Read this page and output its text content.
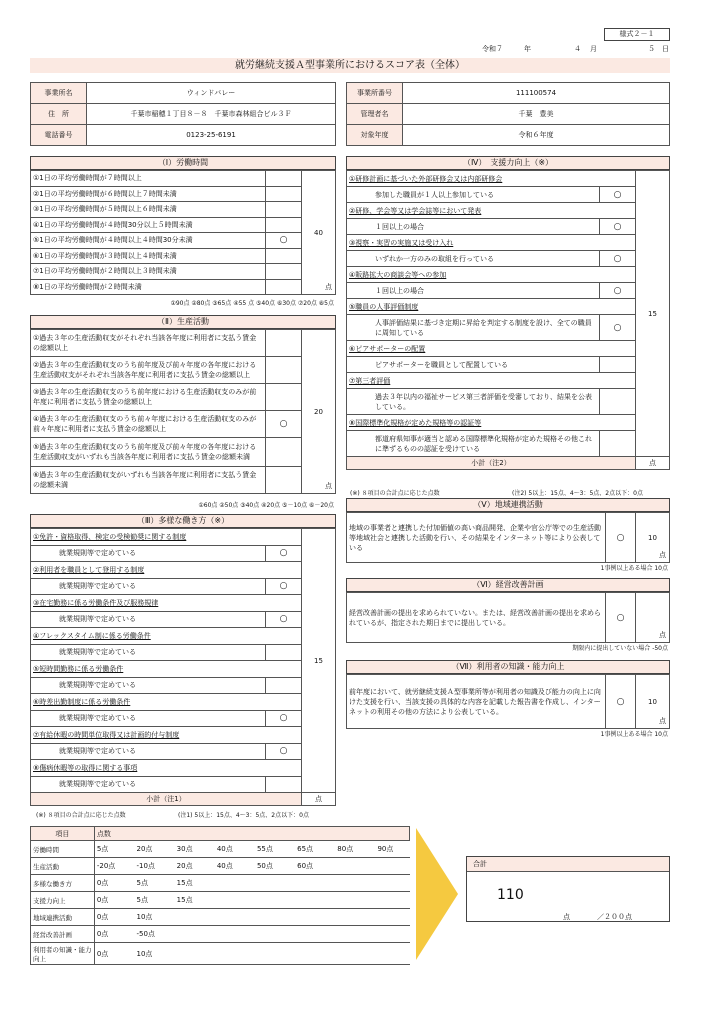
様式２－１
令和７	年	４ 月	５ 日
就労継続支援Ａ型事業所におけるスコア表（全体）
事業所名	ウィンドバレー
住　所	千葉市稲穂１丁目８－８　千葉市森林組合ビル３Ｆ
電話番号	0123-25-6191
事業所番号	111100574
管理者名	千葉　豊美
対象年度	令和６年度
（Ⅰ）労働時間
①1日の平均労働時間が７時間以上		40
点

②1日の平均労働時間が６時間以上７時間未満		
③1日の平均労働時間が５時間以上６時間未満		
④1日の平均労働時間が４時間30分以上５時間未満		
⑤1日の平均労働時間が４時間以上４時間30分未満	○	
⑥1日の平均労働時間が３時間以上４時間未満		
⑦1日の平均労働時間が２時間以上３時間未満		
⑧1日の平均労働時間が２時間未満		
①90点 ②80点 ③65点 ④55 点 ⑤40点 ⑥30点 ⑦20点 ⑧5点
（Ⅱ）生産活動
①過去３年の生産活動収支がそれぞれ当該各年度に利用者に支払う賃金の総額以上		20
点

②過去３年の生産活動収支のうち前年度及び前々年度の各年度における生産活動収支がそれぞれ当該各年度に利用者に支払う賃金の総額以上		
③過去３年の生産活動収支のうち前年度における生産活動収支のみが前年度に利用者に支払う賃金の総額以上		
④過去３年の生産活動収支のうち前々年度における生産活動収支のみが前々年度に利用者に支払う賃金の総額以上	○	
⑤過去３年の生産活動収支のうち前年度及び前々年度の各年度における生産活動収支がいずれも当該各年度に利用者に支払う賃金の総額未満		
⑥過去３年の生産活動収支がいずれも当該各年度に利用者に支払う賃金の総額未満		
①60点 ②50点 ③40点 ④20点 ⑤－10点 ⑥－20点
（Ⅲ）多様な働き方（※）
①免許・資格取得、検定の受検勧奨に関する制度		15

就業規則等で定めている	○	
②利用者を職員として登用する制度		
就業規則等で定めている	○	
③在宅勤務に係る労働条件及び服務規律		
就業規則等で定めている	○	
④フレックスタイム制に係る労働条件		
就業規則等で定めている		
⑤短時間勤務に係る労働条件		
就業規則等で定めている		
⑥時差出勤制度に係る労働条件		
就業規則等で定めている	○	
⑦有給休暇の時間単位取得又は計画的付与制度		
就業規則等で定めている	○	
⑧傷病休暇等の取得に関する事項		
就業規則等で定めている		
小計（注1）		点
(※) ８項目の合計点に応じた点数	(注1) 5以上：15点、4～3：5点、2点以下：0点
（Ⅳ）　支援力向上（※）
①研修計画に基づいた外部研修会又は内部研修会		15

参加した職員が１人以上参加している	○	
②研修、学会等又は学会誌等において発表		
１回以上の場合	○	
③視察・実習の実施又は受け入れ		
いずれか一方のみの取組を行っている	○	
④販路拡大の商談会等への参加		
１回以上の場合	○	
⑤職員の人事評価制度		
人事評価結果に基づき定期に昇給を判定する制度を設け、全ての職員に周知している	○	
⑥ピアサポーターの配置		
ピアサポーターを職員として配置している		
⑦第三者評価		
過去３年以内の福祉サービス第三者評価を受審しており、結果を公表している。		
⑧国際標準化規格が定めた規格等の認証等		
都道府県知事が適当と認める国際標準化規格が定めた規格その他これに準ずるものの認証を受けている		
小計（注2）		点
(※) ８項目の合計点に応じた点数	(注2) 5以上：15点、4～3：5点、2点以下：0点
（Ⅴ）地域連携活動
地域の事業者と連携した付加価値の高い商品開発、企業や官公庁等での生産活動等地域社会と連携した活動を行い、その結果をインターネット等により公表している	○	10
点
1事例以上ある場合 10点
（Ⅵ）経営改善計画
経営改善計画の提出を求められていない。または、経営改善計画の提出を求められているが、指定された期日までに提出している。	○	
点
期限内に提出していない場合 -50点
（Ⅶ）利用者の知識・能力向上
前年度において、就労継続支援Ａ型事業所等が利用者の知識及び能力の向上に向けた支援を行い、当該支援の具体的な内容を記載した報告書を作成し、インターネットの利用その他の方法により公表している。	○	10
点
1事例以上ある場合 10点
項目	点数							
労働時間	5点	20点	30点	40点	55点	65点	80点	90点
生産活動	-20点	-10点	20点	40点	50点	60点		
多様な働き方	0点	5点	15点					
支援力向上	0点	5点	15点					
地域連携活動	0点	10点						
経営改善計画	0点	-50点						
利用者の知識・能力向上	0点	10点						
合計
110
点	／２００点
